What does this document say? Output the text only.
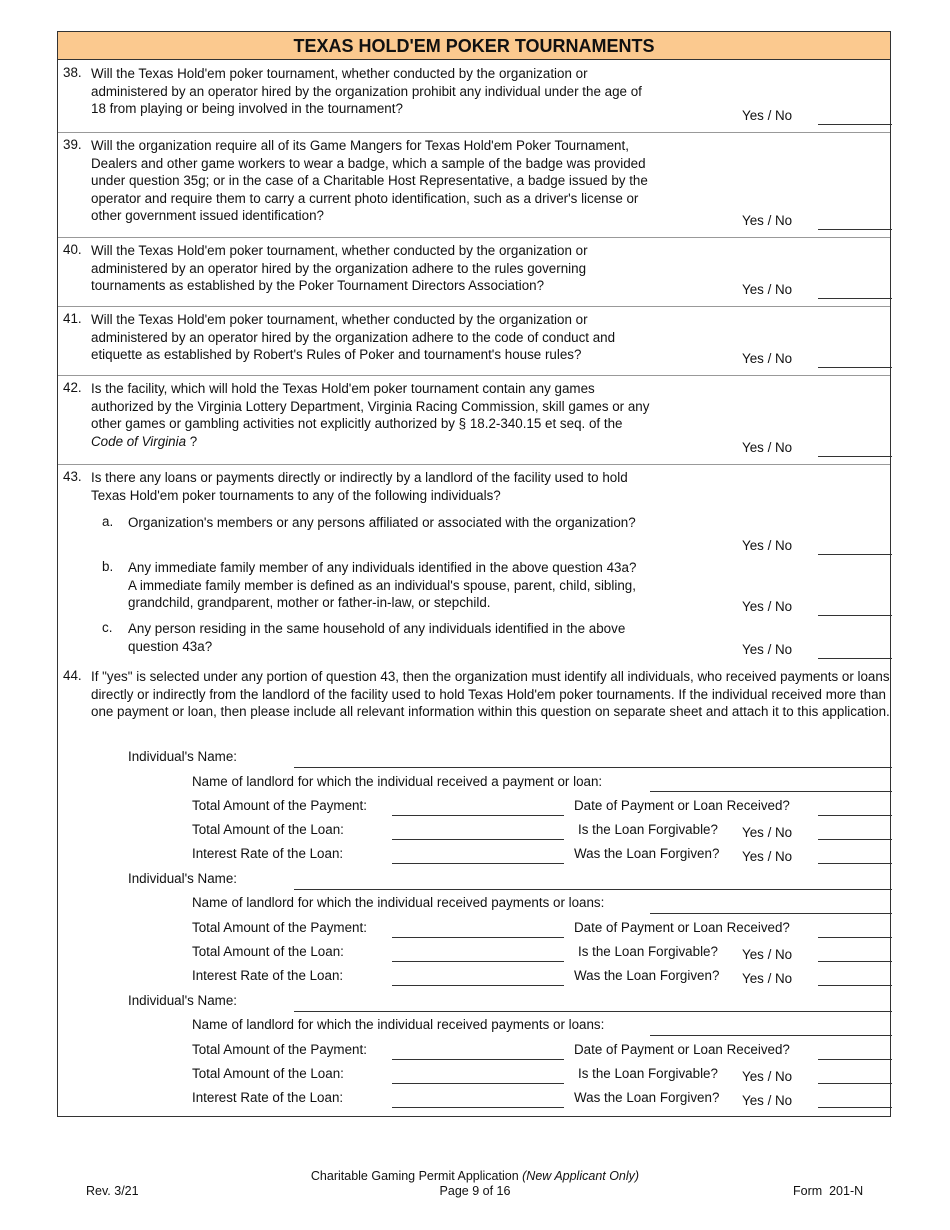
TEXAS HOLD'EM POKER TOURNAMENTS
38. Will the Texas Hold'em poker tournament, whether conducted by the organization or administered by an operator hired by the organization prohibit any individual under the age of 18 from playing or being involved in the tournament?	Yes / No
39. Will the organization require all of its Game Mangers for Texas Hold'em Poker Tournament, Dealers and other game workers to wear a badge, which a sample of the badge was provided under question 35g; or in the case of a Charitable Host Representative, a badge issued by the operator and require them to carry a current photo identification, such as a driver's license or other government issued identification?	Yes / No
40. Will the Texas Hold'em poker tournament, whether conducted by the organization or administered by an operator hired by the organization adhere to the rules governing tournaments as established by the Poker Tournament Directors Association?	Yes / No
41. Will the Texas Hold'em poker tournament, whether conducted by the organization or administered by an operator hired by the organization adhere to the code of conduct and etiquette as established by Robert's Rules of Poker and tournament's house rules?	Yes / No
42. Is the facility, which will hold the Texas Hold'em poker tournament contain any games authorized by the Virginia Lottery Department, Virginia Racing Commission, skill games or any other games or gambling activities not explicitly authorized by § 18.2-340.15 et seq. of the Code of Virginia ?	Yes / No
43. Is there any loans or payments directly or indirectly by a landlord of the facility used to hold Texas Hold'em poker tournaments to any of the following individuals?
a. Organization's members or any persons affiliated or associated with the organization?
Yes / No
b. Any immediate family member of any individuals identified in the above question 43a? A immediate family member is defined as an individual's spouse, parent, child, sibling, grandchild, grandparent, mother or father-in-law, or stepchild.	Yes / No
c. Any person residing in the same household of any individuals identified in the above question 43a?	Yes / No
44. If "yes" is selected under any portion of question 43, then the organization must identify all individuals, who received payments or loans directly or indirectly from the landlord of the facility used to hold Texas Hold'em poker tournaments. If the individual received more than one payment or loan, then please include all relevant information within this question on separate sheet and attach it to this application.
Individual's Name:
Name of landlord for which the individual received a payment or loan:
Total Amount of the Payment:	Date of Payment or Loan Received?
Total Amount of the Loan:	Is the Loan Forgivable? Yes / No
Interest Rate of the Loan:	Was the Loan Forgiven? Yes / No
Individual's Name:
Name of landlord for which the individual received payments or loans:
Total Amount of the Payment:	Date of Payment or Loan Received?
Total Amount of the Loan:	Is the Loan Forgivable? Yes / No
Interest Rate of the Loan:	Was the Loan Forgiven? Yes / No
Individual's Name:
Name of landlord for which the individual received payments or loans:
Total Amount of the Payment:	Date of Payment or Loan Received?
Total Amount of the Loan:	Is the Loan Forgivable? Yes / No
Interest Rate of the Loan:	Was the Loan Forgiven? Yes / No
Rev. 3/21
Charitable Gaming Permit Application (New Applicant Only)
Page 9 of 16	Form  201-N
